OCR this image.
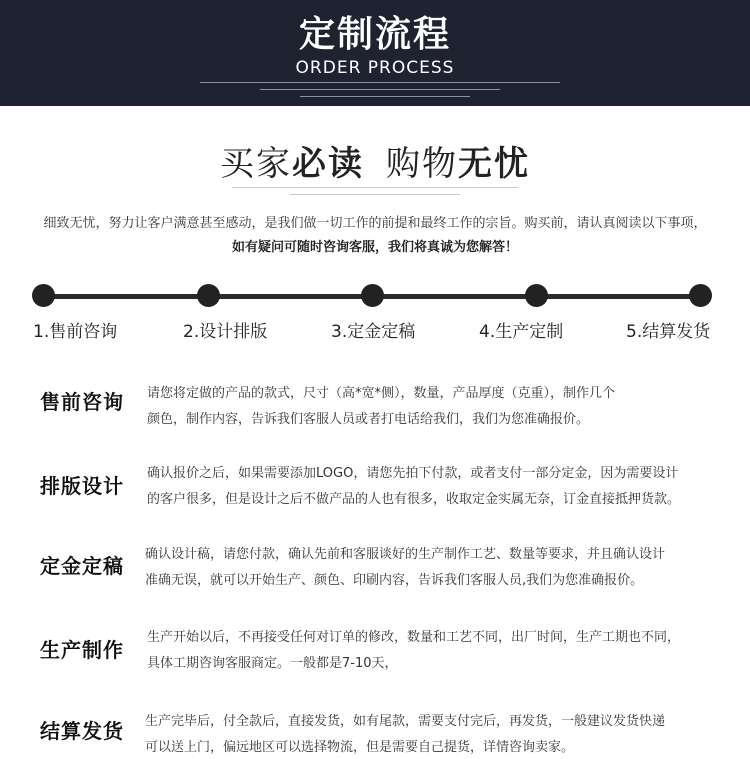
定制流程
ORDER PROCESS
买家必读 购物无忧
细致无忧，努力让客户满意甚至感动，是我们做一切工作的前提和最终工作的宗旨。购买前，请认真阅读以下事项，
如有疑问可随时咨询客服，我们将真诚为您解答！
1.售前咨询	2.设计排版	3.定金定稿	4.生产定制	5.结算发货
售前咨询 请您将定做的产品的款式，尺寸（高*宽*侧），数量，产品厚度（克重），制作几个
颜色，制作内容，告诉我们客服人员或者打电话给我们，我们为您准确报价。
排版设计
确认报价之后，如果需要添加LOGO，请您先拍下付款，或者支付一部分定金，因为需要设计
的客户很多，但是设计之后不做产品的人也有很多，收取定金实属无奈，订金直接抵押货款。
定金定稿 确认设计稿，请您付款，确认先前和客服谈好的生产制作工艺、数量等要求，并且确认设计
准确无误，就可以开始生产、颜色、印刷内容，告诉我们客服人员,我们为您准确报价。
生产制作
生产开始以后，不再接受任何对订单的修改，数量和工艺不同，出厂时间，生产工期也不同，
具体工期咨询客服商定。一般都是7-10天，
结算发货 生产完毕后，付全款后，直接发货，如有尾款，需要支付完后，再发货，一般建议发货快递
可以送上门，偏远地区可以选择物流，但是需要自己提货，详情咨询卖家。
